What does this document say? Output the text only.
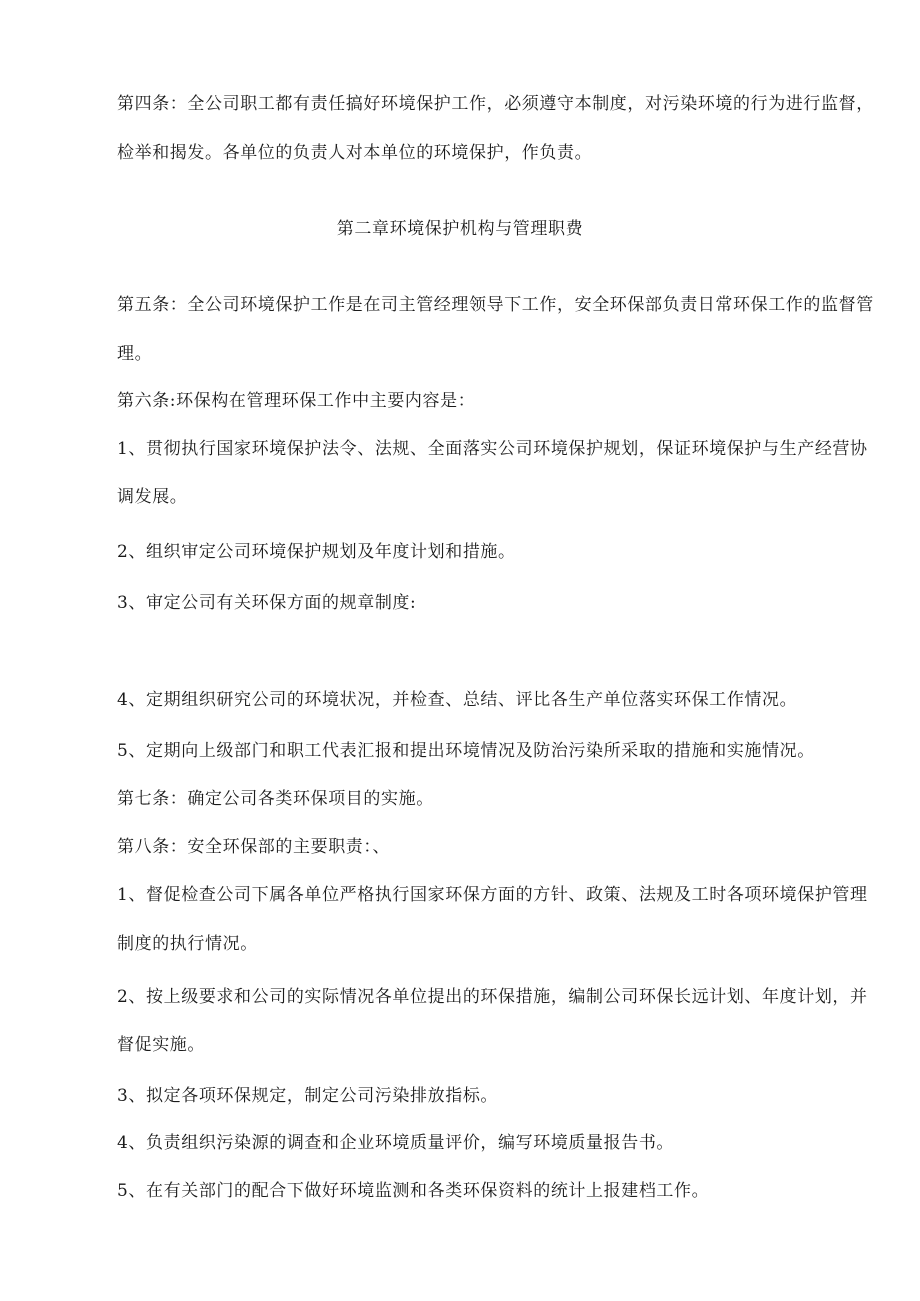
第四条：全公司职工都有责任搞好环境保护工作，必须遵守本制度，对污染环境的行为进行监督，
检举和揭发。各单位的负责人对本单位的环境保护，作负责。
第二章环境保护机构与管理职费
第五条：全公司环境保护工作是在司主管经理领导下工作，安全环保部负责日常环保工作的监督管
理。
第六条:环保构在管理环保工作中主要内容是：
1、贯彻执行国家环境保护法令、法规、全面落实公司环境保护规划，保证环境保护与生产经营协
调发展。
2、组织审定公司环境保护规划及年度计划和措施。
3、审定公司有关环保方面的规章制度:
4、定期组织研究公司的环境状况，并检查、总结、评比各生产单位落实环保工作情况。
5、定期向上级部门和职工代表汇报和提出环境情况及防治污染所采取的措施和实施情况。
第七条：确定公司各类环保项目的实施。
第八条：安全环保部的主要职责：、
1、督促检查公司下属各单位严格执行国家环保方面的方针、政策、法规及工时各项环境保护管理
制度的执行情况。
2、按上级要求和公司的实际情况各单位提出的环保措施，编制公司环保长远计划、年度计划，并
督促实施。
3、拟定各项环保规定，制定公司污染排放指标。
4、负责组织污染源的调查和企业环境质量评价，编写环境质量报告书。
5、在有关部门的配合下做好环境监测和各类环保资料的统计上报建档工作。
